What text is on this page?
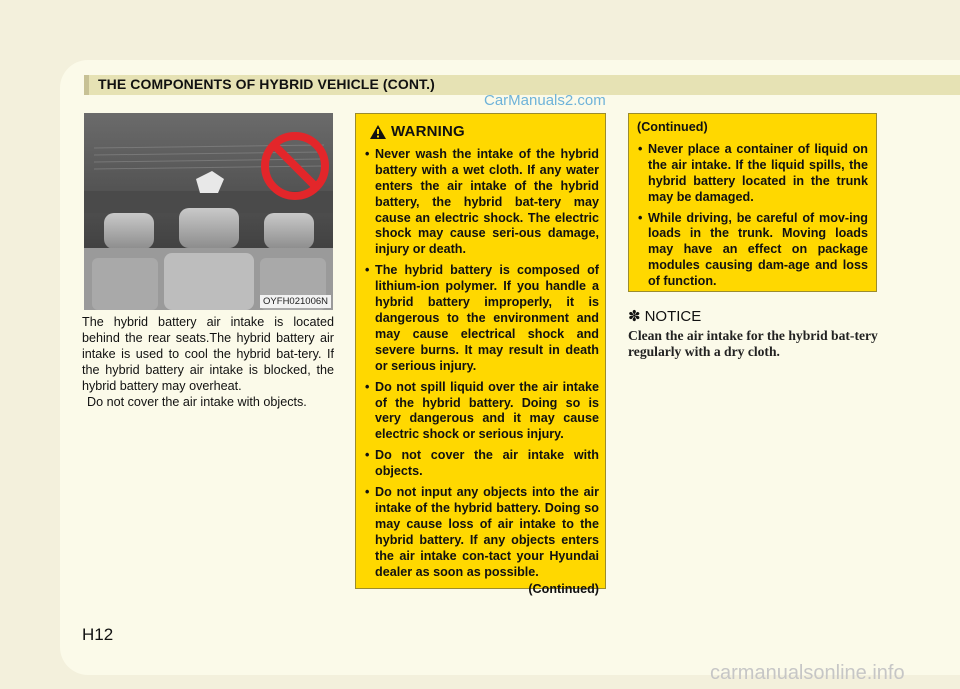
THE COMPONENTS OF HYBRID VEHICLE (CONT.)
CarManuals2.com
OYFH021006N
The hybrid battery air intake is located behind the rear seats.The hybrid battery air intake is used to cool the hybrid bat-tery. If the hybrid battery air intake is blocked, the hybrid battery may overheat.
Do not cover the air intake with objects.
WARNING
• Never wash the intake of the hybrid battery with a wet cloth. If any water enters the air intake of the hybrid battery, the hybrid bat-tery may cause an electric shock. The electric shock may cause seri-ous damage, injury or death.
• The hybrid battery is composed of lithium-ion polymer. If you handle a hybrid battery improperly, it is dangerous to the environment and may cause electrical shock and severe burns. It may result in death or serious injury.
• Do not spill liquid over the air intake of the hybrid battery. Doing so is very dangerous and it may cause electric shock or serious injury.
• Do not cover the air intake with objects.
• Do not input any objects into the air intake of the hybrid battery. Doing so may cause loss of air intake to the hybrid battery. If any objects enters the air intake con-tact your Hyundai dealer as soon as possible.
(Continued)
(Continued)
• Never place a container of liquid on the air intake. If the liquid spills, the hybrid battery located in the trunk may be damaged.
• While driving, be careful of mov-ing loads in the trunk. Moving loads may have an effect on package modules causing dam-age and loss of function.
✽ NOTICE
Clean the air intake for the hybrid bat-tery regularly with a dry cloth.
H12
carmanualsonline.info
